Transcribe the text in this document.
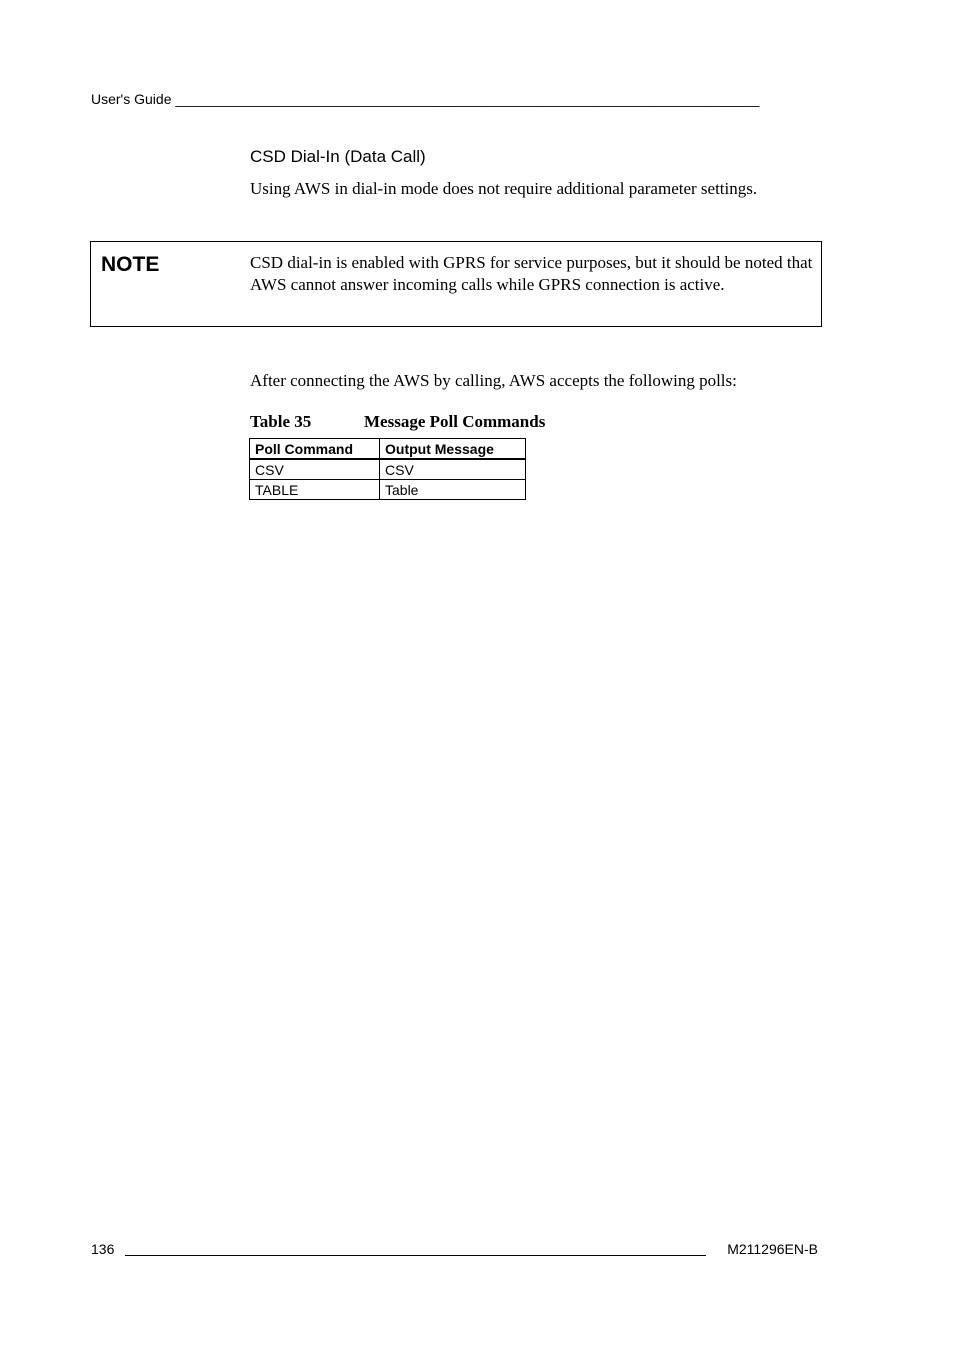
User's Guide ___________________________________________________________________________
CSD Dial-In (Data Call)
Using AWS in dial-in mode does not require additional parameter settings.
NOTE	CSD dial-in is enabled with GPRS for service purposes, but it should be noted that AWS cannot answer incoming calls while GPRS connection is active.
After connecting the AWS by calling, AWS accepts the following polls:
Table 35	Message Poll Commands
Poll Command	Output Message
CSV	CSV
TABLE	Table
136	M211296EN-B
